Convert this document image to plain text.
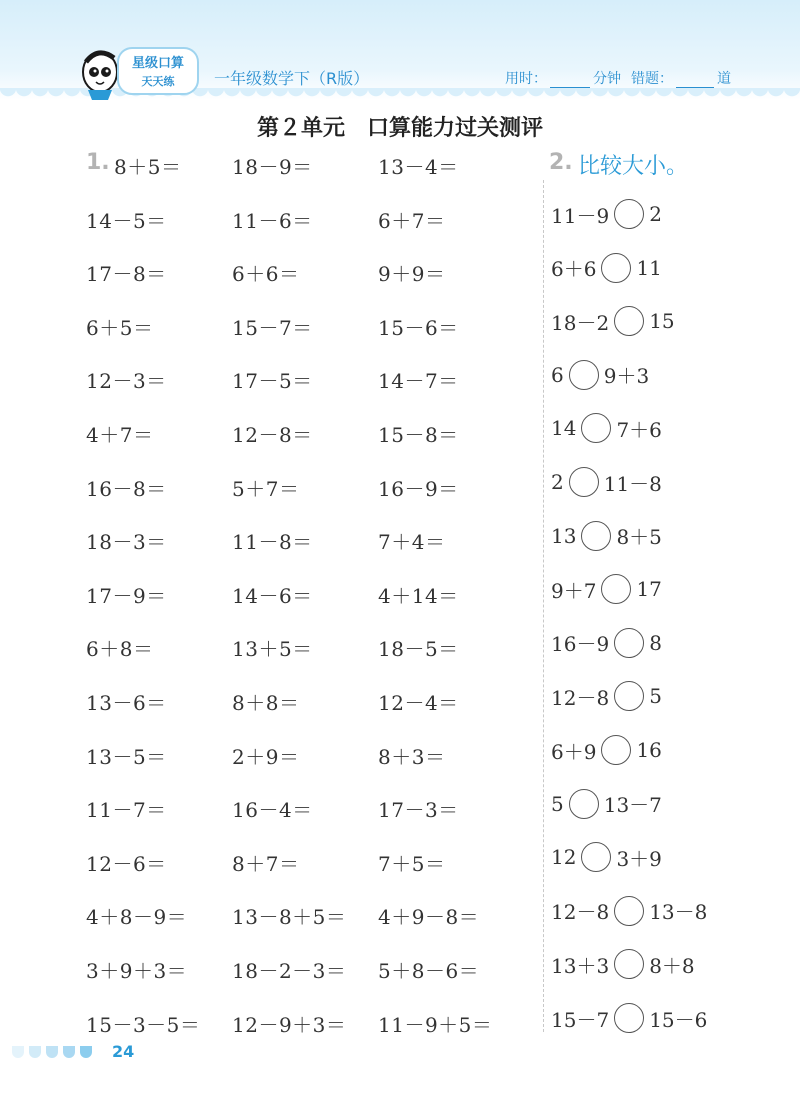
星级口算
天天练 一年级数学下（R版）	用时：	分钟 错题：	道
第２单元　口算能力过关测评
1.	2. 比较大小。
8＋5＝	18－9＝	13－4＝
14－5＝	11－6＝	6＋7＝
17－8＝	6＋6＝	9＋9＝
6＋5＝	15－7＝	15－6＝
12－3＝	17－5＝	14－7＝
4＋7＝	12－8＝	15－8＝
16－8＝	5＋7＝	16－9＝
18－3＝	11－8＝	7＋4＝
17－9＝	14－6＝	4＋14＝
6＋8＝	13＋5＝	18－5＝
13－6＝	8＋8＝	12－4＝
13－5＝	2＋9＝	8＋3＝
11－7＝	16－4＝	17－3＝
12－6＝	8＋7＝	7＋5＝
4＋8－9＝ 13－8＋5＝ 4＋9－8＝
3＋9＋3＝ 18－2－3＝ 5＋8－6＝
15－3－5＝ 12－9＋3＝ 11－9＋5＝
11－9 2
6＋6 11
18－2 15
6 9＋3
14 7＋6
2 11－8
13 8＋5
9＋7 17
16－9 8
12－8 5
6＋9 16
5 13－7
12 3＋9
12－8 13－8
13＋3 8＋8
15－7 15－6
24
